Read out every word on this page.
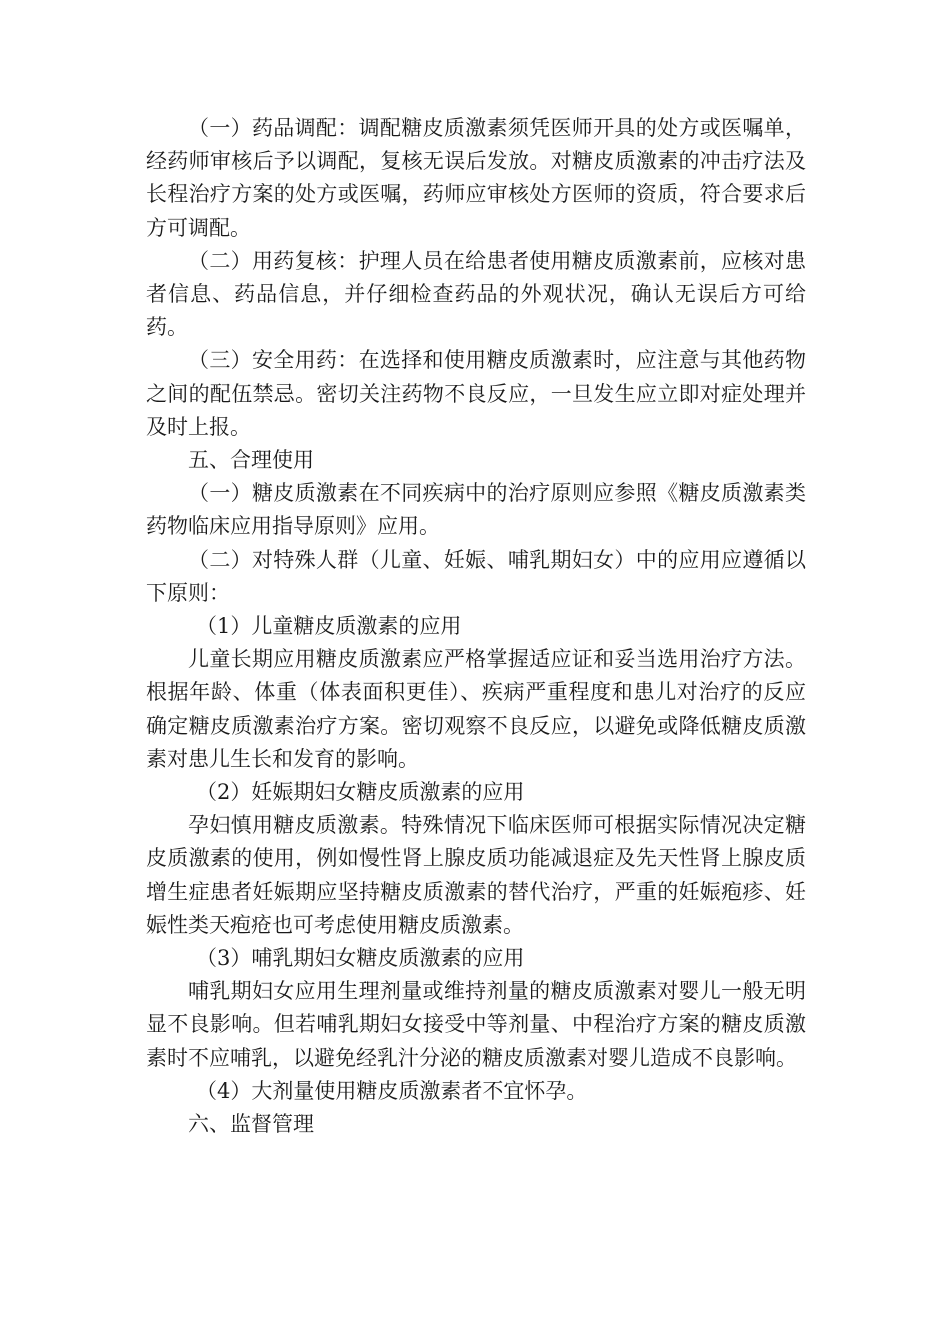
（一）药品调配：调配糖皮质激素须凭医师开具的处方或医嘱单，经药师审核后予以调配，复核无误后发放。对糖皮质激素的冲击疗法及长程治疗方案的处方或医嘱，药师应审核处方医师的资质，符合要求后方可调配。

（二）用药复核：护理人员在给患者使用糖皮质激素前，应核对患者信息、药品信息，并仔细检查药品的外观状况，确认无误后方可给药。

（三）安全用药：在选择和使用糖皮质激素时，应注意与其他药物之间的配伍禁忌。密切关注药物不良反应，一旦发生应立即对症处理并及时上报。

五、合理使用

（一）糖皮质激素在不同疾病中的治疗原则应参照《糖皮质激素类药物临床应用指导原则》应用。

（二）对特殊人群（儿童、妊娠、哺乳期妇女）中的应用应遵循以下原则：

（1）儿童糖皮质激素的应用

儿童长期应用糖皮质激素应严格掌握适应证和妥当选用治疗方法。根据年龄、体重（体表面积更佳）、疾病严重程度和患儿对治疗的反应确定糖皮质激素治疗方案。密切观察不良反应，以避免或降低糖皮质激素对患儿生长和发育的影响。

（2）妊娠期妇女糖皮质激素的应用

孕妇慎用糖皮质激素。特殊情况下临床医师可根据实际情况决定糖皮质激素的使用，例如慢性肾上腺皮质功能减退症及先天性肾上腺皮质增生症患者妊娠期应坚持糖皮质激素的替代治疗，严重的妊娠疱疹、妊娠性类天疱疮也可考虑使用糖皮质激素。

（3）哺乳期妇女糖皮质激素的应用

哺乳期妇女应用生理剂量或维持剂量的糖皮质激素对婴儿一般无明显不良影响。但若哺乳期妇女接受中等剂量、中程治疗方案的糖皮质激素时不应哺乳，以避免经乳汁分泌的糖皮质激素对婴儿造成不良影响。

（4）大剂量使用糖皮质激素者不宜怀孕。

六、监督管理
